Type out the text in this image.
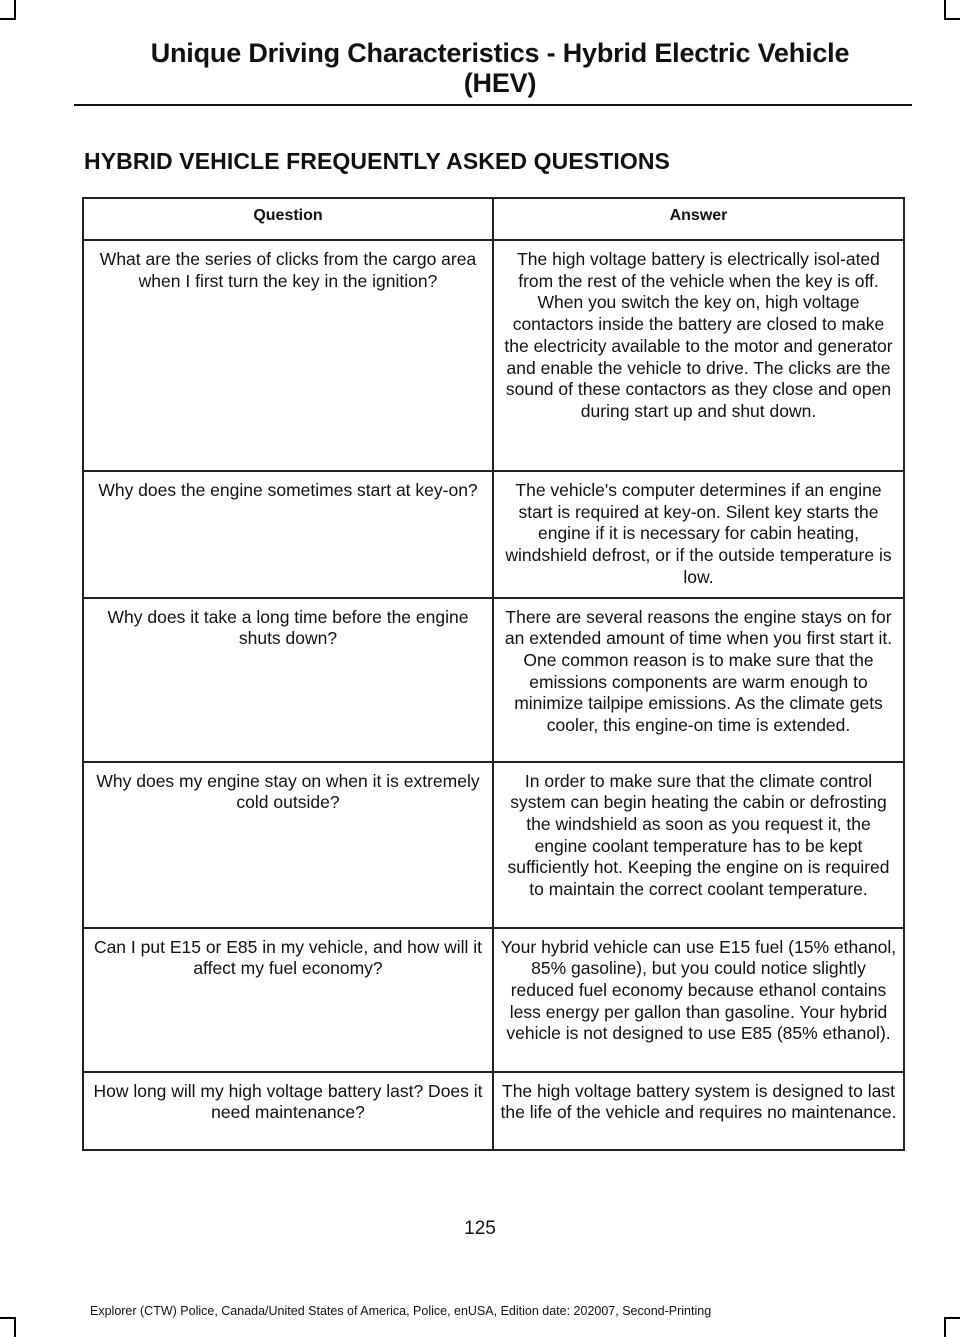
Unique Driving Characteristics - Hybrid Electric Vehicle
(HEV)
HYBRID VEHICLE FREQUENTLY ASKED QUESTIONS
Question	Answer
What are the series of clicks from the cargo area when I first turn the key in the ignition?	The high voltage battery is electrically isol-ated from the rest of the vehicle when the key is off. When you switch the key on, high voltage contactors inside the battery are closed to make the electricity available to the motor and generator and enable the vehicle to drive. The clicks are the sound of these contactors as they close and open during start up and shut down.
Why does the engine sometimes start at key-on?	The vehicle's computer determines if an engine start is required at key-on. Silent key starts the engine if it is necessary for cabin heating, windshield defrost, or if the outside temperature is low.
Why does it take a long time before the engine shuts down?	There are several reasons the engine stays on for an extended amount of time when you first start it. One common reason is to make sure that the emissions components are warm enough to minimize tailpipe emissions. As the climate gets cooler, this engine-on time is extended.
Why does my engine stay on when it is extremely cold outside?	In order to make sure that the climate control system can begin heating the cabin or defrosting the windshield as soon as you request it, the engine coolant temperature has to be kept sufficiently hot. Keeping the engine on is required to maintain the correct coolant temperature.
Can I put E15 or E85 in my vehicle, and how will it affect my fuel economy?	Your hybrid vehicle can use E15 fuel (15% ethanol, 85% gasoline), but you could notice slightly reduced fuel economy because ethanol contains less energy per gallon than gasoline. Your hybrid vehicle is not designed to use E85 (85% ethanol).
How long will my high voltage battery last? Does it need maintenance?	The high voltage battery system is designed to last the life of the vehicle and requires no maintenance.
125
Explorer (CTW) Police, Canada/United States of America, Police, enUSA, Edition date: 202007, Second-Printing
